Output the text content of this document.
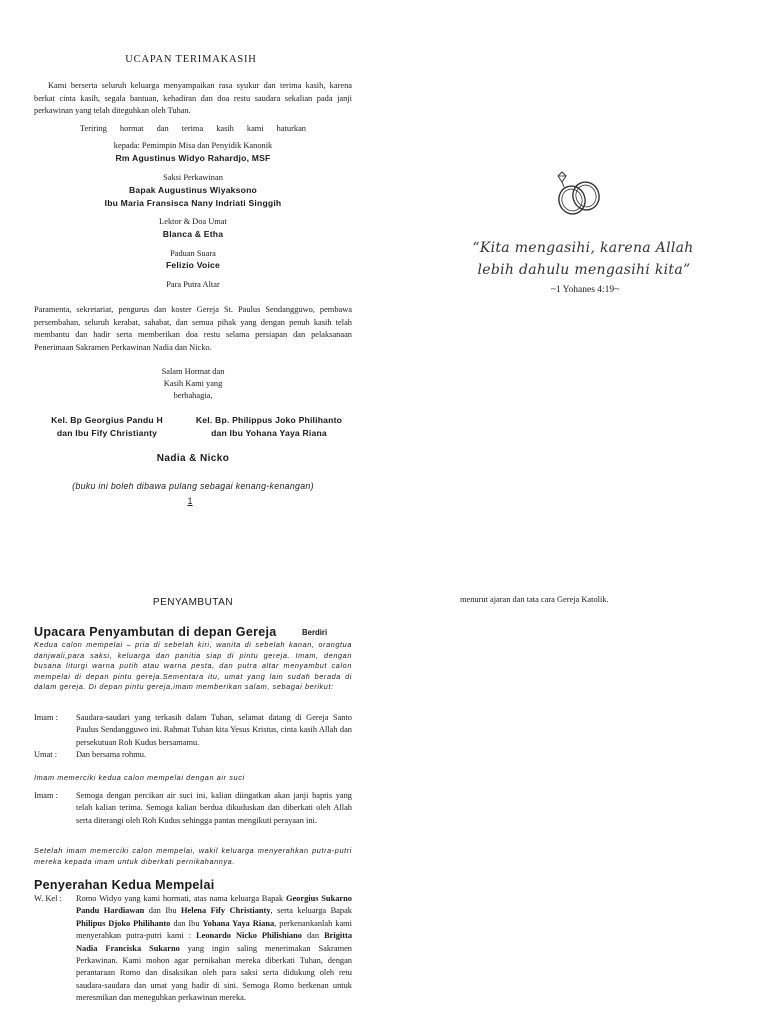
UCAPAN TERIMAKASIH
Kami berserta seluruh keluarga menyampaikan rasa syukur dan terima kasih, karena berkat cinta kasih, segala bantuan, kehadiran dan doa restu saudara sekalian pada janji perkawinan yang telah diteguhkan oleh Tuhan.
Teriring hormat dan terima kasih kami haturkan
kepada: Pemimpin Misa dan Penyidik Kanonik
Rm Agustinus Widyo Rahardjo, MSF
Saksi Perkawinan
Bapak Augustinus Wiyaksono
Ibu Maria Fransisca Nany Indriati Singgih
Lektor & Doa Umat
Blanca & Etha
Paduan Suara
Felizio Voice
Para Putra Altar
Paramenta, sekretariat, pengurus dan koster Gereja St. Paulus Sendangguwo, pembawa persembahan, seluruh kerabat, sahabat, dan semua pihak yang dengan penuh kasih telah membantu dan hadir serta memberikan doa restu selama persiapan dan pelaksanaan Penerimaan Sakramen Perkawinan Nadia dan Nicko.
Salam Hormat dan
Kasih Kami yang
berbahagia,
Kel. Bp Georgius Pandu H
dan Ibu Fify Christianty
Kel. Bp. Philippus Joko Philihanto
dan Ibu Yohana Yaya Riana
Nadia & Nicko
(buku ini boleh dibawa pulang sebagai kenang-kenangan)
1
“Kita mengasihi, karena Allah
lebih dahulu mengasihi kita”
~1 Yohanes 4:19~
PENYAMBUTAN
Upacara Penyambutan di depan Gereja	Berdiri
Kedua calon mempelai – pria di sebelah kiri, wanita di sebelah kanan, orangtua danjwali,para saksi, keluarga dan panitia siap di pintu gereja. Imam, dengan busana liturgi warna putih atau warna pesta, dan putra altar menyambut calon mempelai di depan pintu gereja.Sementara itu, umat yang lain sudah berada di dalam gereja. Di depan pintu gereja,imam memberikan salam, sebagai berikut:
Imam :	Saudara-saudari yang terkasih dalam Tuhan, selamat datang di Gereja Santo Paulus Sendangguwo ini. Rahmat Tuhan kita Yesus Kristus, cinta kasih Allah dan persekutuan Roh Kudus bersamamu.
Umat :	Dan bersama rohmu.
Imam memerciki kedua calon mempelai dengan air suci
Imam :	Semoga dengan percikan air suci ini, kalian diingatkan akan janji baptis yang telah kalian terima. Semoga kalian berdua dikuduskan dan diberkati oleh Allah serta diterangi oleh Roh Kudus sehingga pantas mengikuti perayaan ini.
Setelah imam memerciki calon mempelai, wakil keluarga menyerahkan putra-putri mereka kepada imam untuk diberkati pernikahannya.
Penyerahan Kedua Mempelai
W. Kel :	Romo Widyo yang kami hormati, atas nama keluarga Bapak Georgius Sukarno Pandu Hardiawan dan Ibu Helena Fify Christianty, serta keluarga Bapak Philipus Djoko Philihanto dan Ibu Yohana Yaya Riana, perkenankanlah kami menyerahkan putra-putri kami : Leonardo Nicko Philishiano dan Brigitta Nadia Franciska Sukarno yang ingin saling menerimakan Sakramen Perkawinan. Kami mohon agar pernikahan mereka diberkati Tuhan, dengan perantaraan Romo dan disaksikan oleh para saksi serta didukung oleh retu saudara-saudara dan umat yang hadir di sini. Semoga Romo berkenan untuk meresmikan dan meneguhkan perkawinan mereka.
menurut ajaran dan tata cara Gereja Katolik.
